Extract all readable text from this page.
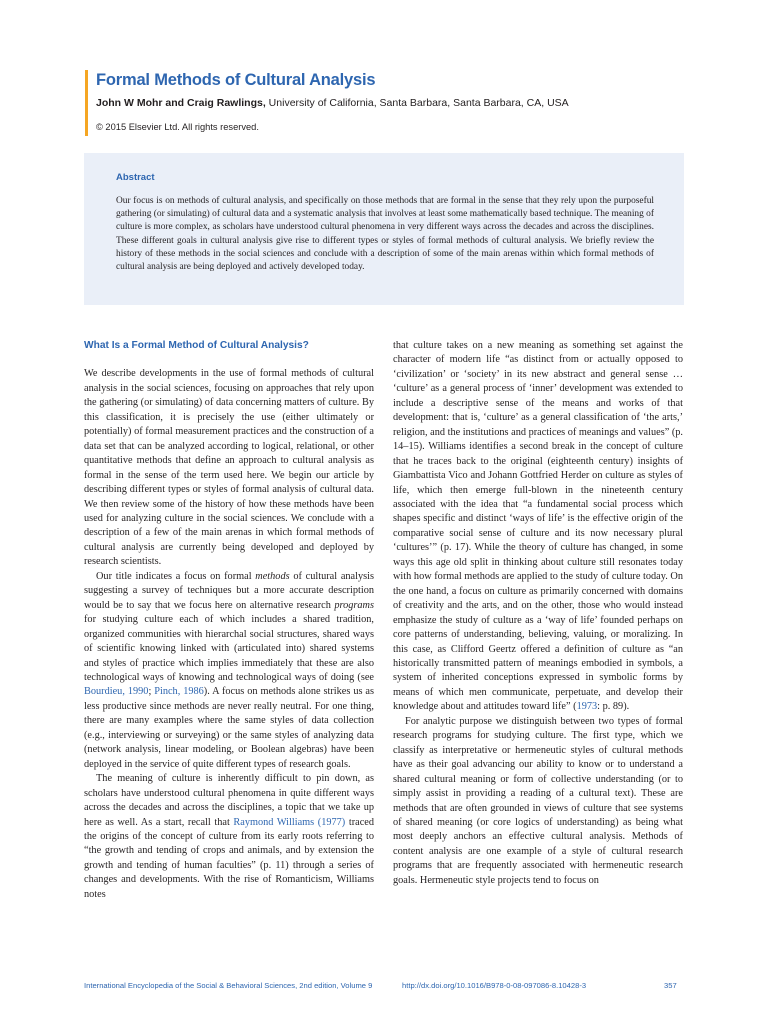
Formal Methods of Cultural Analysis
John W Mohr and Craig Rawlings, University of California, Santa Barbara, Santa Barbara, CA, USA
© 2015 Elsevier Ltd. All rights reserved.
Abstract

Our focus is on methods of cultural analysis, and specifically on those methods that are formal in the sense that they rely upon the purposeful gathering (or simulating) of cultural data and a systematic analysis that involves at least some mathematically based technique. The meaning of culture is more complex, as scholars have understood cultural phenomena in very different ways across the decades and across the disciplines. These different goals in cultural analysis give rise to different types or styles of formal methods of cultural analysis. We briefly review the history of these methods in the social sciences and conclude with a description of some of the main arenas within which formal methods of cultural analysis are being deployed and actively developed today.

What Is a Formal Method of Cultural Analysis?

We describe developments in the use of formal methods of cultural analysis in the social sciences, focusing on approaches that rely upon the gathering (or simulating) of data concerning matters of culture. By this classification, it is precisely the use (either ultimately or potentially) of formal measurement practices and the construction of a data set that can be analyzed according to logical, relational, or other quantitative methods that define an approach to cultural analysis as formal in the sense of the term used here. We begin our article by describing different types or styles of formal analysis of cultural data. We then review some of the history of how these methods have been used for analyzing culture in the social sciences. We conclude with a description of a few of the main arenas in which formal methods of cultural analysis are currently being developed and deployed by research scientists.

Our title indicates a focus on formal methods of cultural analysis suggesting a survey of techniques but a more accurate description would be to say that we focus here on alternative research programs for studying culture each of which includes a shared tradition, organized communities with hierarchal social structures, shared ways of scientific knowing linked with (articulated into) shared systems and styles of practice which implies immediately that these are also technological ways of knowing and technological ways of doing (see Bourdieu, 1990; Pinch, 1986). A focus on methods alone strikes us as less productive since methods are never really neutral. For one thing, there are many examples where the same styles of data collection (e.g., interviewing or surveying) or the same styles of analyzing data (network analysis, linear modeling, or Boolean algebras) have been deployed in the service of quite different types of research goals.

The meaning of culture is inherently difficult to pin down, as scholars have understood cultural phenomena in quite different ways across the decades and across the disciplines, a topic that we take up here as well. As a start, recall that Raymond Williams (1977) traced the origins of the concept of culture from its early roots referring to “the growth and tending of crops and animals, and by extension the growth and tending of human faculties” (p. 11) through a series of changes and developments. With the rise of Romanticism, Williams notes

that culture takes on a new meaning as something set against the character of modern life “as distinct from or actually opposed to ‘civilization’ or ‘society’ in its new abstract and general sense … ‘culture’ as a general process of ‘inner’ development was extended to include a descriptive sense of the means and works of that development: that is, ‘culture’ as a general classification of ‘the arts,’ religion, and the institutions and practices of meanings and values” (p. 14–15). Williams identifies a second break in the concept of culture that he traces back to the original (eighteenth century) insights of Giambattista Vico and Johann Gottfried Herder on culture as styles of life, which then emerge full-blown in the nineteenth century associated with the idea that “a fundamental social process which shapes specific and distinct ‘ways of life’ is the effective origin of the comparative social sense of culture and its now necessary plural ‘cultures’” (p. 17). While the theory of culture has changed, in some ways this age old split in thinking about culture still resonates today with how formal methods are applied to the study of culture today. On the one hand, a focus on culture as primarily concerned with domains of creativity and the arts, and on the other, those who would instead emphasize the study of culture as a ‘way of life’ founded perhaps on core patterns of understanding, believing, valuing, or moralizing. In this case, as Clifford Geertz offered a definition of culture as “an historically transmitted pattern of meanings embodied in symbols, a system of inherited conceptions expressed in symbolic forms by means of which men communicate, perpetuate, and develop their knowledge about and attitudes toward life” (1973: p. 89).

For analytic purpose we distinguish between two types of formal research programs for studying culture. The first type, which we classify as interpretative or hermeneutic styles of cultural methods have as their goal advancing our ability to know or to understand a shared cultural meaning or form of collective understanding (or to simply assist in providing a reading of a cultural text). These are methods that are often grounded in views of culture that see systems of shared meaning (or core logics of understanding) as being what most deeply anchors an effective cultural analysis. Methods of content analysis are one example of a style of cultural research programs that are frequently associated with hermeneutic research goals. Hermeneutic style projects tend to focus on

International Encyclopedia of the Social & Behavioral Sciences, 2nd edition, Volume 9	http://dx.doi.org/10.1016/B978-0-08-097086-8.10428-3	357
